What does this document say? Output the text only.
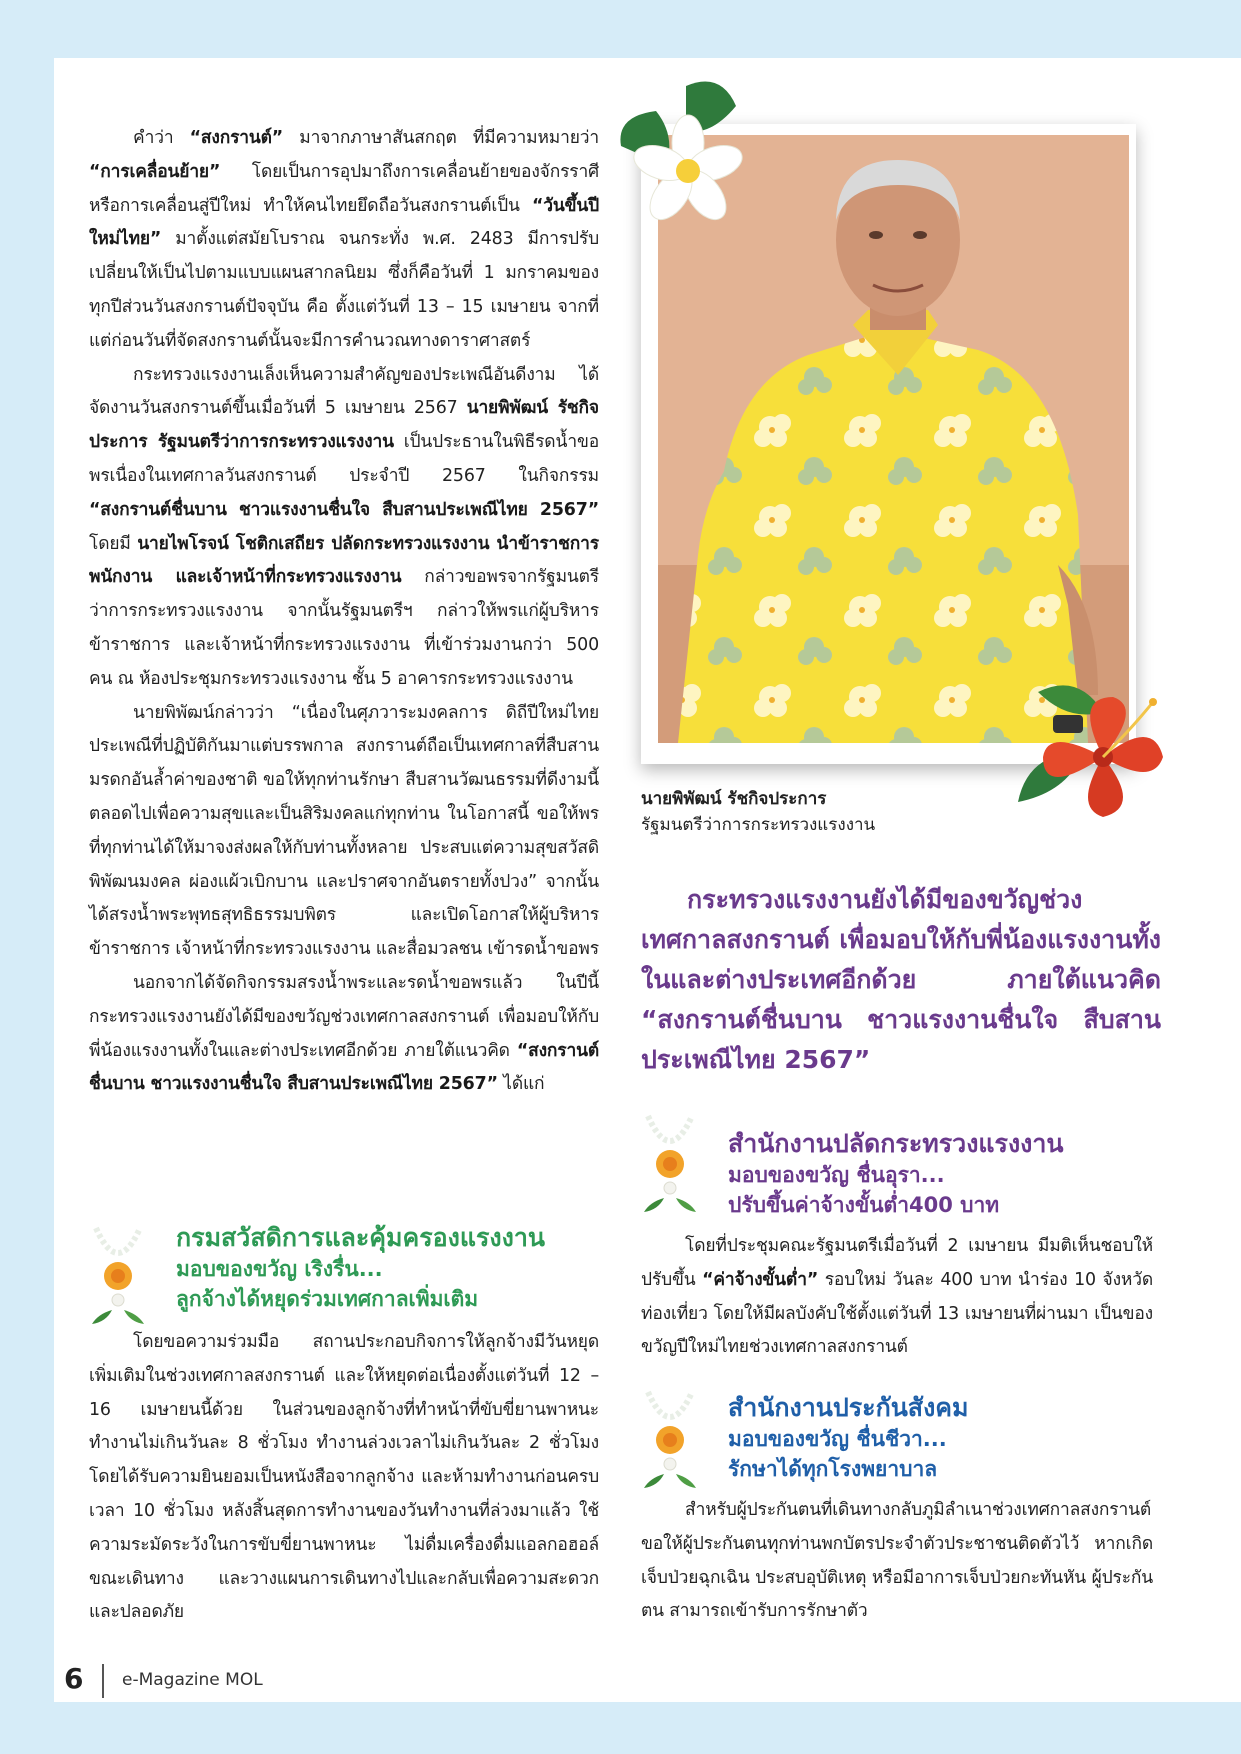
คำว่า “สงกรานต์” มาจากภาษาสันสกฤต ที่มีความหมายว่า “การเคลื่อนย้าย” โดยเป็นการอุปมาถึงการเคลื่อนย้ายของจักรราศีหรือการเคลื่อนสู่ปีใหม่ ทำให้คนไทยยึดถือวันสงกรานต์เป็น “วันขึ้นปีใหม่ไทย” มาตั้งแต่สมัยโบราณ จนกระทั่ง พ.ศ. 2483 มีการปรับเปลี่ยนให้เป็นไปตามแบบแผนสากลนิยม ซึ่งก็คือวันที่ 1 มกราคมของทุกปีส่วนวันสงกรานต์ปัจจุบัน คือ ตั้งแต่วันที่ 13 – 15 เมษายน จากที่แต่ก่อนวันที่จัดสงกรานต์นั้นจะมีการคำนวณทางดาราศาสตร์

กระทรวงแรงงานเล็งเห็นความสำคัญของประเพณีอันดีงาม ได้จัดงานวันสงกรานต์ขึ้นเมื่อวันที่ 5 เมษายน 2567 นายพิพัฒน์ รัชกิจประการ รัฐมนตรีว่าการกระทรวงแรงงาน เป็นประธานในพิธีรดน้ำขอพรเนื่องในเทศกาลวันสงกรานต์ ประจำปี 2567 ในกิจกรรม “สงกรานต์ชื่นบาน ชาวแรงงานชื่นใจ สืบสานประเพณีไทย 2567” โดยมี นายไพโรจน์ โชติกเสถียร ปลัดกระทรวงแรงงาน นำข้าราชการ พนักงาน และเจ้าหน้าที่กระทรวงแรงงาน กล่าวขอพรจากรัฐมนตรีว่าการกระทรวงแรงงาน จากนั้นรัฐมนตรีฯ กล่าวให้พรแก่ผู้บริหาร ข้าราชการ และเจ้าหน้าที่กระทรวงแรงงาน ที่เข้าร่วมงานกว่า 500 คน ณ ห้องประชุมกระทรวงแรงงาน ชั้น 5 อาคารกระทรวงแรงงาน

นายพิพัฒน์กล่าวว่า “เนื่องในศุภวาระมงคลการ ดิถีปีใหม่ไทย ประเพณีที่ปฏิบัติกันมาแต่บรรพกาล สงกรานต์ถือเป็นเทศกาลที่สืบสานมรดกอันล้ำค่าของชาติ ขอให้ทุกท่านรักษา สืบสานวัฒนธรรมที่ดีงามนี้ตลอดไปเพื่อความสุขและเป็นสิริมงคลแก่ทุกท่าน ในโอกาสนี้ ขอให้พรที่ทุกท่านได้ให้มาจงส่งผลให้กับท่านทั้งหลาย ประสบแต่ความสุขสวัสดิพิพัฒนมงคล ผ่องแผ้วเบิกบาน และปราศจากอันตรายทั้งปวง” จากนั้น ได้สรงน้ำพระพุทธสุทธิธรรมบพิตร และเปิดโอกาสให้ผู้บริหาร ข้าราชการ เจ้าหน้าที่กระทรวงแรงงาน และสื่อมวลชน เข้ารดน้ำขอพร

นอกจากได้จัดกิจกรรมสรงน้ำพระและรดน้ำขอพรแล้ว ในปีนี้กระทรวงแรงงานยังได้มีของขวัญช่วงเทศกาลสงกรานต์ เพื่อมอบให้กับพี่น้องแรงงานทั้งในและต่างประเทศอีกด้วย ภายใต้แนวคิด “สงกรานต์ชื่นบาน ชาวแรงงานชื่นใจ สืบสานประเพณีไทย 2567” ได้แก่

กรมสวัสดิการและคุ้มครองแรงงาน
มอบของขวัญ เริงรื่น...
ลูกจ้างได้หยุดร่วมเทศกาลเพิ่มเติม

โดยขอความร่วมมือ สถานประกอบกิจการให้ลูกจ้างมีวันหยุดเพิ่มเติมในช่วงเทศกาลสงกรานต์ และให้หยุดต่อเนื่องตั้งแต่วันที่ 12 – 16 เมษายนนี้ด้วย ในส่วนของลูกจ้างที่ทำหน้าที่ขับขี่ยานพาหนะทำงานไม่เกินวันละ 8 ชั่วโมง ทำงานล่วงเวลาไม่เกินวันละ 2 ชั่วโมง โดยได้รับความยินยอมเป็นหนังสือจากลูกจ้าง และห้ามทำงานก่อนครบเวลา 10 ชั่วโมง หลังสิ้นสุดการทำงานของวันทำงานที่ล่วงมาแล้ว ใช้ความระมัดระวังในการขับขี่ยานพาหนะ ไม่ดื่มเครื่องดื่มแอลกอฮอล์ ขณะเดินทาง และวางแผนการเดินทางไปและกลับเพื่อความสะดวกและปลอดภัย

นายพิพัฒน์ รัชกิจประการ
รัฐมนตรีว่าการกระทรวงแรงงาน
กระทรวงแรงงานยังได้มีของขวัญช่วงเทศกาลสงกรานต์ เพื่อมอบให้กับพี่น้องแรงงานทั้งในและต่างประเทศอีกด้วย ภายใต้แนวคิด “สงกรานต์ชื่นบาน ชาวแรงงานชื่นใจ สืบสานประเพณีไทย 2567”
สำนักงานปลัดกระทรวงแรงงาน
มอบของขวัญ ชื่นอุรา...
ปรับขึ้นค่าจ้างขั้นต่ำ400 บาท

โดยที่ประชุมคณะรัฐมนตรีเมื่อวันที่ 2 เมษายน มีมติเห็นชอบให้ปรับขึ้น “ค่าจ้างขั้นต่ำ” รอบใหม่ วันละ 400 บาท นำร่อง 10 จังหวัดท่องเที่ยว โดยให้มีผลบังคับใช้ตั้งแต่วันที่ 13 เมษายนที่ผ่านมา เป็นของขวัญปีใหม่ไทยช่วงเทศกาลสงกรานต์

สำนักงานประกันสังคม
มอบของขวัญ ชื่นชีวา...
รักษาได้ทุกโรงพยาบาล

สำหรับผู้ประกันตนที่เดินทางกลับภูมิลำเนาช่วงเทศกาลสงกรานต์ ขอให้ผู้ประกันตนทุกท่านพกบัตรประจำตัวประชาชนติดตัวไว้ หากเกิดเจ็บป่วยฉุกเฉิน ประสบอุบัติเหตุ หรือมีอาการเจ็บป่วยกะทันหัน ผู้ประกันตน สามารถเข้ารับการรักษาตัว

6 e-Magazine MOL
